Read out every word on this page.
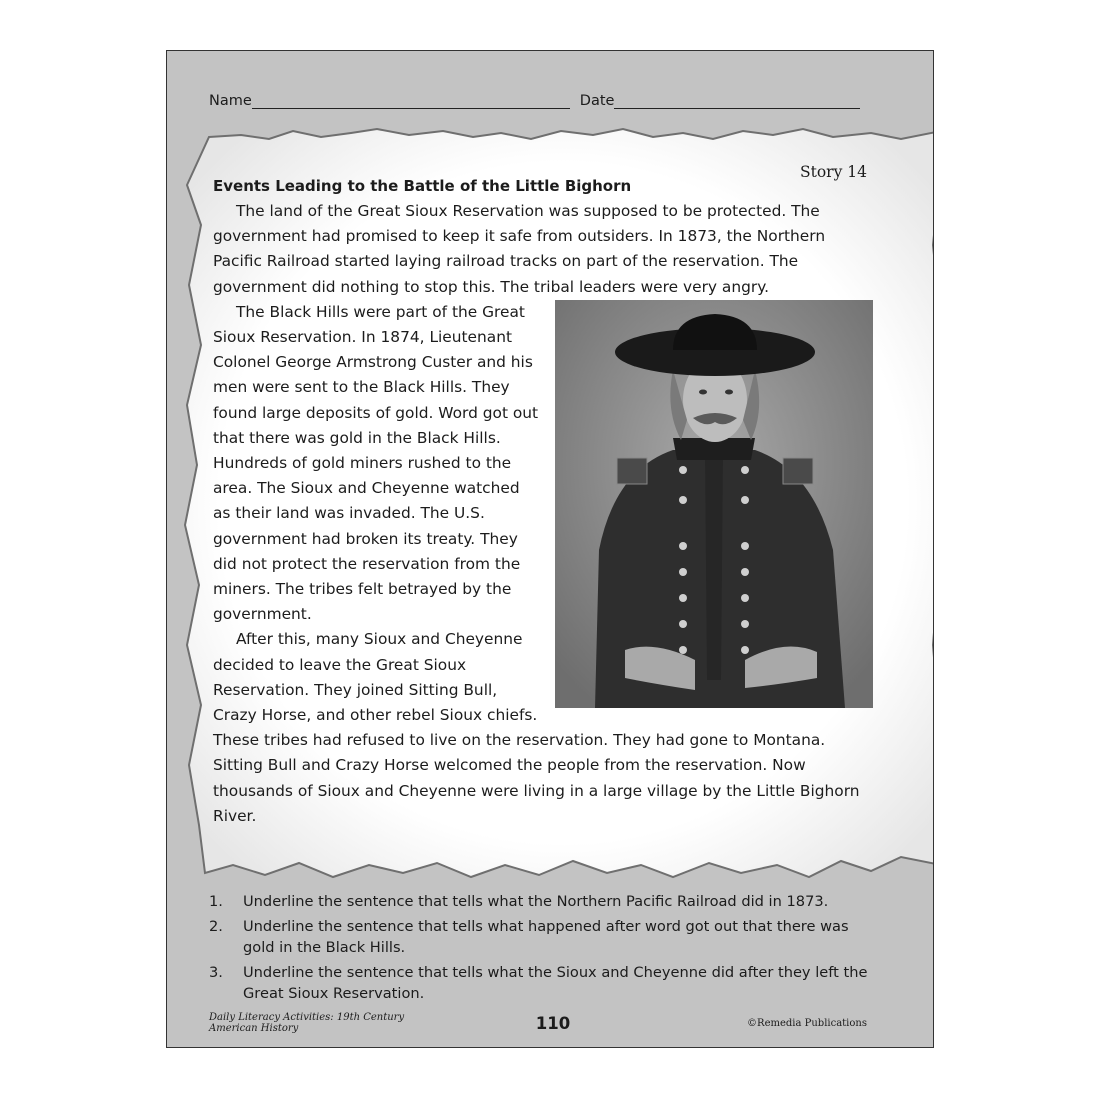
Name	Date
Story 14
Events Leading to the Battle of the Little Bighorn

The land of the Great Sioux Reservation was supposed to be protected. The government had promised to keep it safe from outsiders. In 1873, the Northern Pacific Railroad started laying railroad tracks on part of the reservation. The government did nothing to stop this. The tribal leaders were very angry.

The Black Hills were part of the Great Sioux Reservation. In 1874, Lieutenant Colonel George Armstrong Custer and his men were sent to the Black Hills. They found large deposits of gold. Word got out that there was gold in the Black Hills. Hundreds of gold miners rushed to the area. The Sioux and Cheyenne watched as their land was invaded. The U.S. government had broken its treaty. They did not protect the reservation from the miners. The tribes felt betrayed by the government.

After this, many Sioux and Cheyenne decided to leave the Great Sioux Reservation. They joined Sitting Bull, Crazy Horse, and other rebel Sioux chiefs. These tribes had refused to live on the reservation. They had gone to Montana. Sitting Bull and Crazy Horse welcomed the people from the reservation. Now thousands of Sioux and Cheyenne were living in a large village by the Little Bighorn River.

1.	Underline the sentence that tells what the Northern Pacific Railroad did in 1873.
2.	Underline the sentence that tells what happened after word got out that there was gold in the Black Hills.
3.	Underline the sentence that tells what the Sioux and Cheyenne did after they left the Great Sioux Reservation.
Daily Literacy Activities: 19th Century American History	110	©Remedia Publications
